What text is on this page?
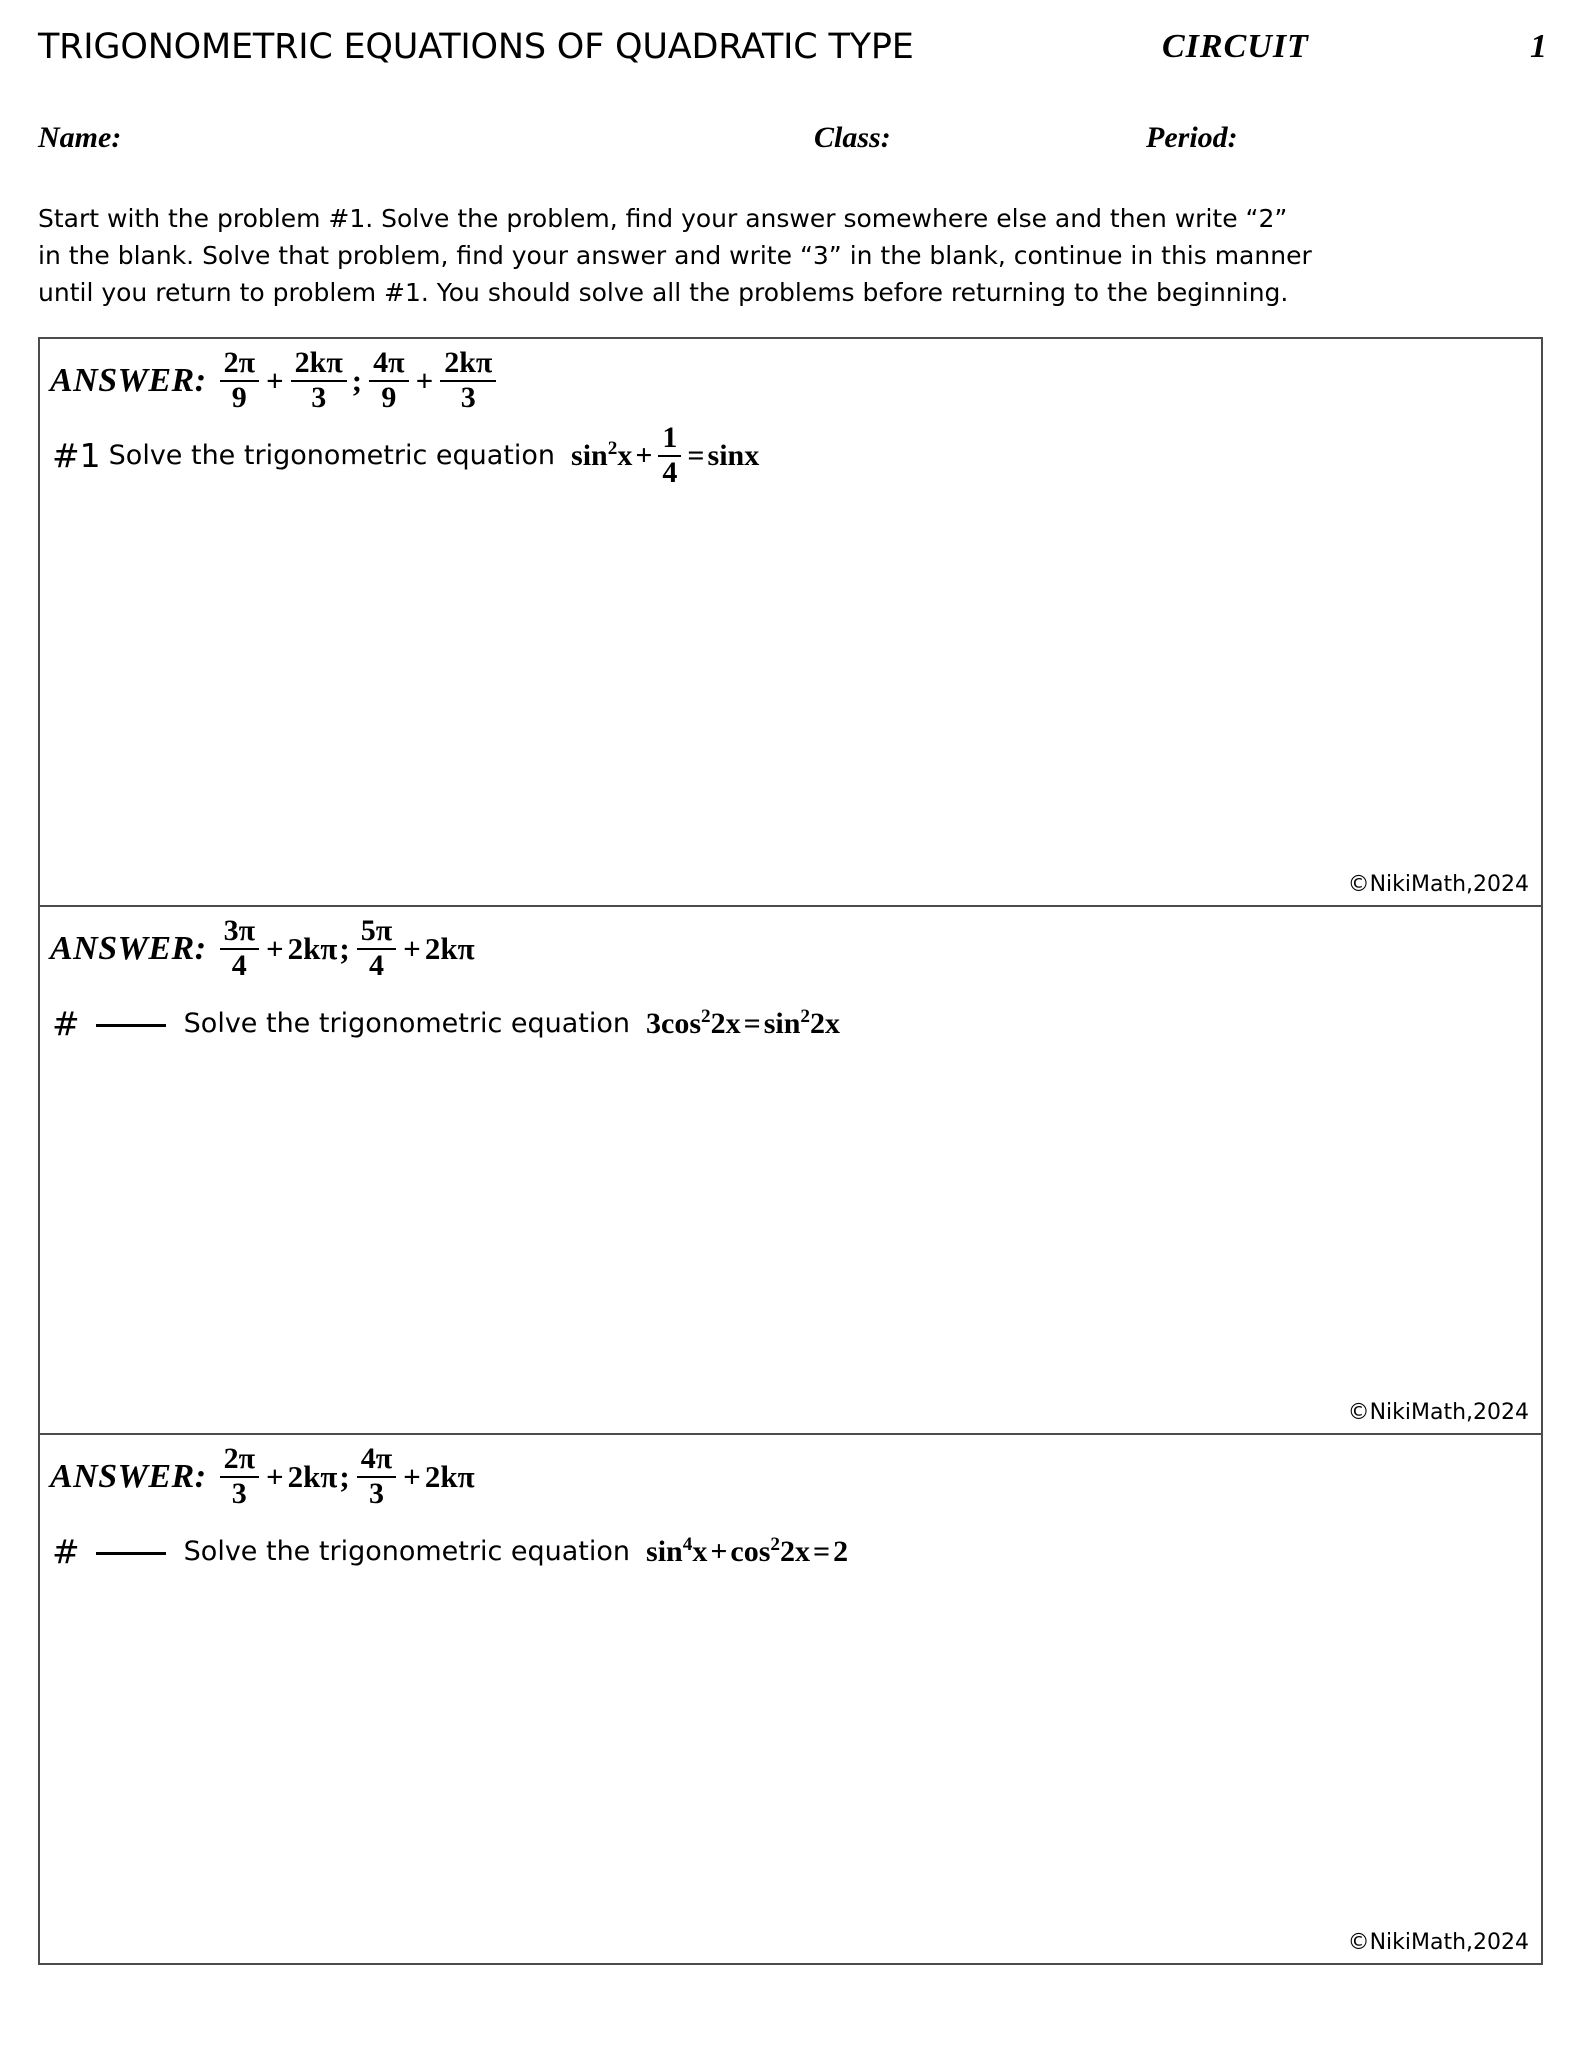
TRIGONOMETRIC EQUATIONS OF QUADRATIC TYPE	CIRCUIT	1
Name:	Class:	Period:

Start with the problem #1. Solve the problem, find your answer somewhere else and then write “2”

in the blank. Solve that problem, find your answer and write “3” in the blank, continue in this manner

until you return to problem #1. You should solve all the problems before returning to the beginning.

ANSWER: $\frac{2\pi}{9} + \frac{2k\pi}{3}$ ; $\frac{4\pi}{9} + \frac{2k\pi}{3}$
#1 Solve the trigonometric equation $\sin^2x + \frac{1}{4} = \sin x$
©NikiMath,2024
ANSWER: $\frac{3\pi}{4} + 2k\pi$ ; $\frac{5\pi}{4} + 2k\pi$
#	Solve the trigonometric equation $3\cos^22x = \sin^22x$
©NikiMath,2024
ANSWER: $\frac{2\pi}{3} + 2k\pi$ ; $\frac{4\pi}{3} + 2k\pi$
#	Solve the trigonometric equation $\sin^4x + \cos^22x = 2$
©NikiMath,2024
